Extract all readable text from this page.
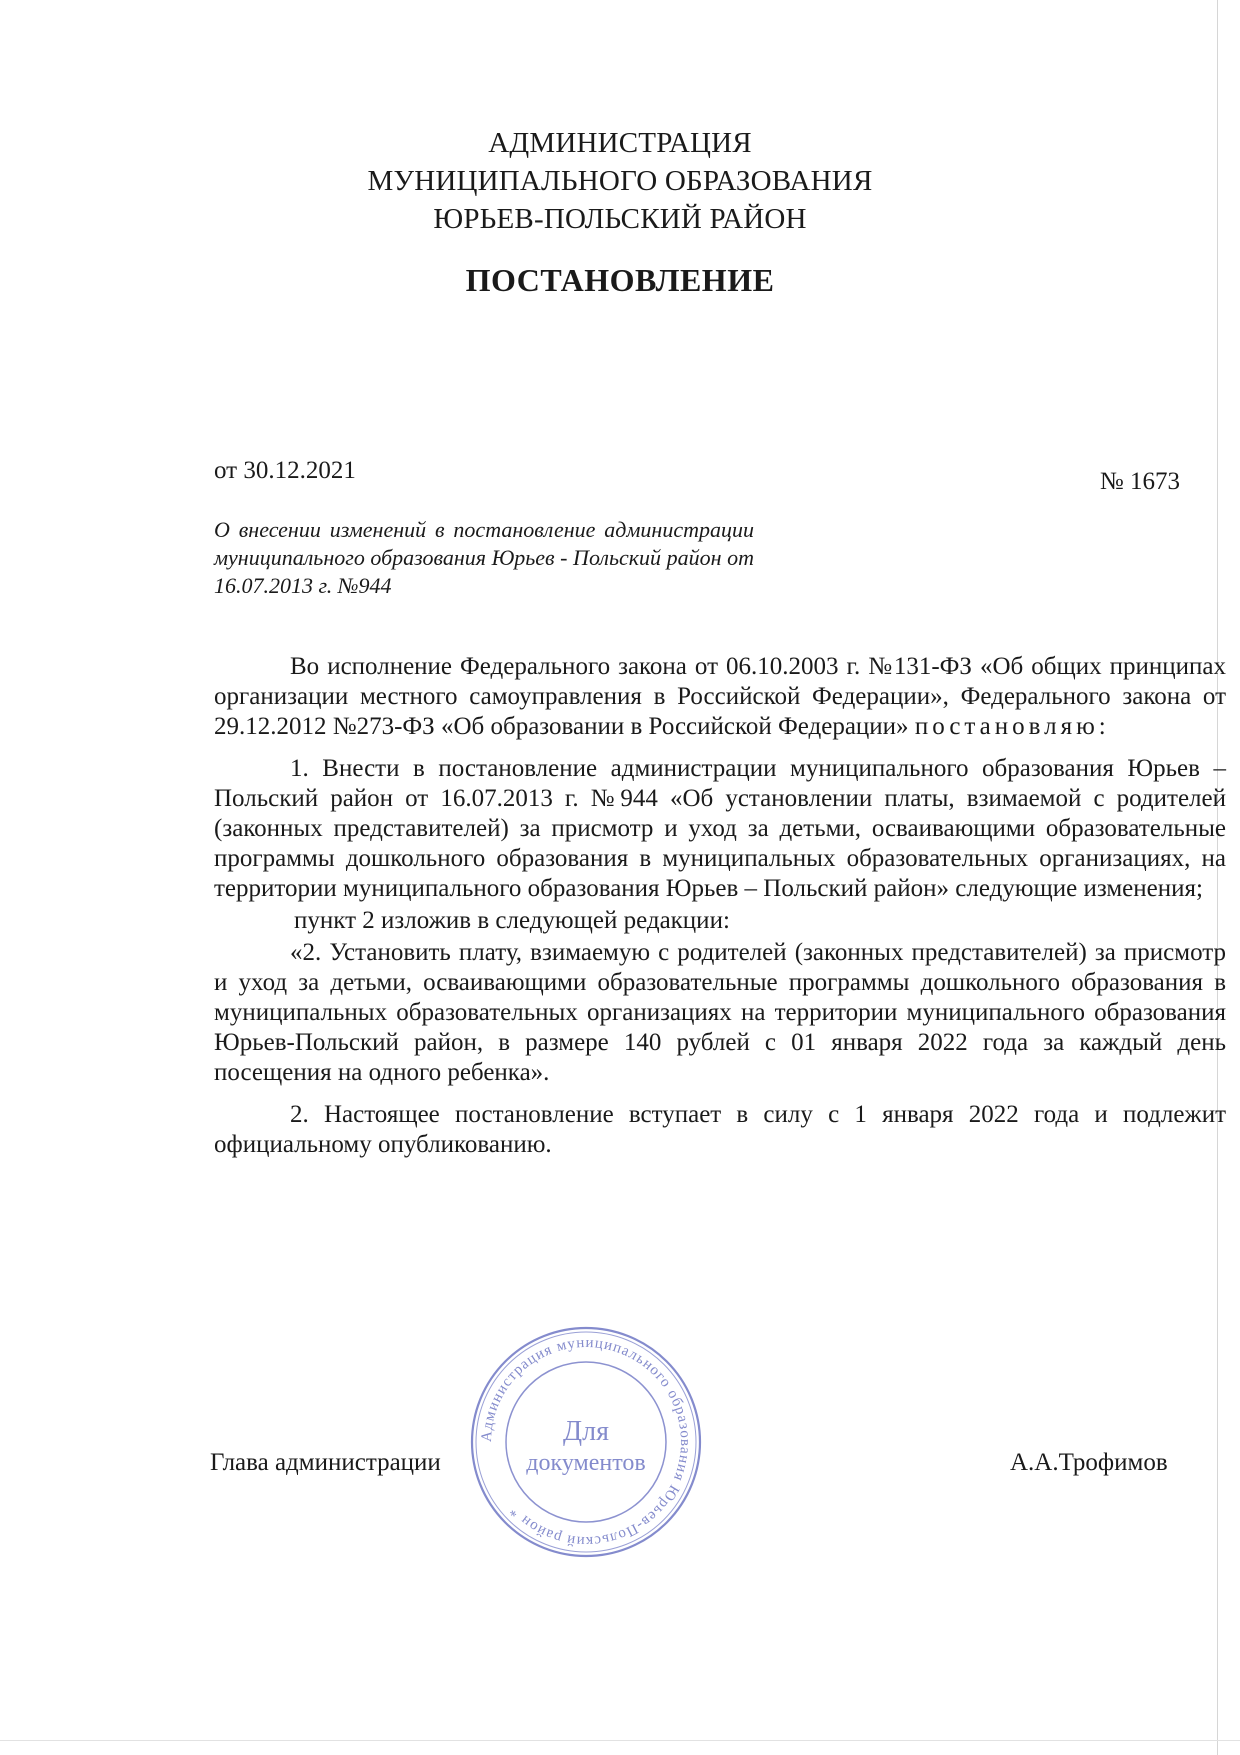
АДМИНИСТРАЦИЯ
МУНИЦИПАЛЬНОГО ОБРАЗОВАНИЯ
ЮРЬЕВ-ПОЛЬСКИЙ РАЙОН
ПОСТАНОВЛЕНИЕ
от 30.12.2021	№ 1673
О внесении изменений в постановление администрации муниципального образования Юрьев - Польский район от 16.07.2013 г. №944

Во исполнение Федерального закона от 06.10.2003 г. №131-ФЗ «Об общих принципах организации местного самоуправления в Российской Федерации», Федерального закона от 29.12.2012 №273-ФЗ «Об образовании в Российской Федерации» постановляю:

1. Внести в постановление администрации муниципального образования Юрьев – Польский район от 16.07.2013 г. №944 «Об установлении платы, взимаемой с родителей (законных представителей) за присмотр и уход за детьми, осваивающими образовательные программы дошкольного образования в муниципальных образовательных организациях, на территории муниципального образования Юрьев – Польский район» следующие изменения;

пункт 2 изложив в следующей редакции:

«2. Установить плату, взимаемую с родителей (законных представителей) за присмотр и уход за детьми, осваивающими образовательные программы дошкольного образования в муниципальных образовательных организациях на территории муниципального образования Юрьев-Польский район, в размере 140 рублей с 01 января 2022 года за каждый день посещения на одного ребенка».

2. Настоящее постановление вступает в силу с 1 января 2022 года и подлежит официальному опубликованию.

Глава администрации	А.А.Трофимов
Администрация муниципального образования Юрьев-Польский район *
Для
документов
